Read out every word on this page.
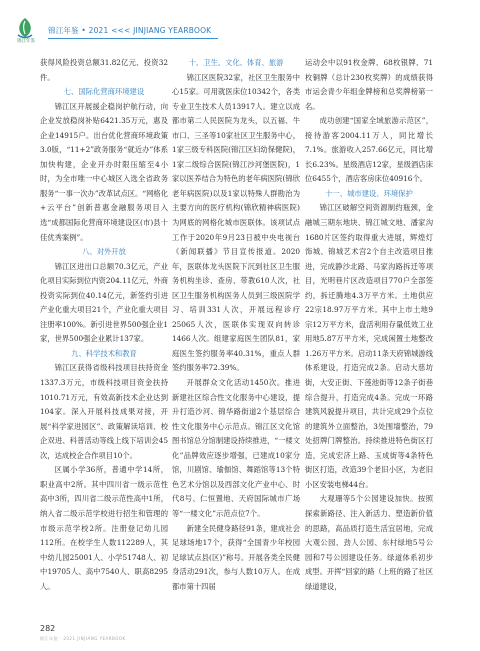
锦江年鉴
锦江年鉴 • 2021 <<< JINJIANG YEARBOOK

获得风险投资总额31.82亿元、投资32件。

七、国际化营商环境建设

锦江区开展援企稳岗护航行动，向企业发放稳岗补贴6421.35万元，惠及企业14915户。出台优化营商环境政策3.0版，“11+2”政务服务“就近办”体系加快构建，企业开办时限压缩至4小时，为全市唯一中心城区入选全省政务服务“一事一次办”改革试点区。“网格化+云平台”创新普惠金融服务项目入选“成都国际化营商环境建设区(市)县十佳优秀案例”。

八、对外开放

锦江区进出口总额70.3亿元，产业化项目实际到位内资204.11亿元，外商投资实际到位40.14亿元，新签约引进产业化重大项目21个，产业化重大项目注册率100%。新引进世界500强企业1家，世界500强企业累计137家。

九、科学技术和教育

锦江区获得省级科技项目扶持资金1337.3万元，市级科技项目资金扶持1010.71万元，有效高新技术企业达到104家。深入开展科技成果对接，开展“科学家进园区”、政策解读培训、校企双进、科普活动等线上线下培训会45次，达成校企合作项目10个。

区属小学36所，普通中学14所，职业高中2所。其中四川省一级示范性高中3所，四川省二级示范性高中1所，纳入省二级示范学校进行招生和管理的市级示范学校2所。注册登记幼儿园112所。在校学生人数112289人，其中幼儿园25001人、小学51748人、初中19705人、高中7540人、职高8295人。

十、卫生、文化、体育、旅游

锦江区医院32家，社区卫生服务中心15家。可用就医床位10342个，各类专业卫生技术人员13917人。建立以成都市第二人民医院为龙头，以五福、牛市口、三圣等10家社区卫生服务中心，1家三级专科医院(锦江区妇幼保健院)，1家二级综合医院(锦江沙河堡医院)，1家以医养结合为特色的老年病医院(锦欣老年病医院)以及1家以特殊人群勘治为主要方向的医疗机构(锦欣精神病医院)为网底的网格化城市医联体。该项试点工作于2020年9月23日被中央电视台《新闻联播》节目宣传报道。2020年，医联体龙头医院下沉到社区卫生服务机构坐诊、查房、带教610人次，社区卫生服务机构医务人员到三级医院学习、培训331人次，开展远程诊疗25065人次，医联体实现双向转诊1466人次。组建家庭医生团队81，家庭医生签约服务率40.31%，重点人群签约服务率72.39%。

开展群众文化活动1450次。推进新建社区综合性文化服务中心建设，提升打造沙河、锦华路街道2个基层综合性文化服务中心示范点。锦江区文化馆图书馆总分馆制建设持续推进，“一楼文化”品牌效应逐步增强，已建成10家分馆，川剧馆、瑜伽馆、舞蹈馆等13个特色艺术分馆以及西部文化产业中心、时代8号、仁恒置地、天府国际城市广场等“一楼文化”示范点位7个。

新建全民健身路径91条，建成社会足球场地17个，获得“全国青少年校园足球试点县(区)”称号。开展各类全民健身活动291次，参与人数10万人。在成都市第十四届

运动会中以91枚金牌、68枚银牌、71枚铜牌（总计230枚奖牌）的成绩获得市运会青少年组金牌榜和总奖牌榜第一名。

成功创建“国家全域旅游示范区”，接待游客2004.11万人，同比增长7.1%。旅游收入257.66亿元，同比增长6.23%。星级酒店12家，星级酒店床位6455个，酒店客房床位40916个。

十一、城市建设、环境保护

锦江区破解空间资源制约瓶颈，金融城三期东地块、锦江城文地、潘家沟1680片区签约取得重大进展，辉煌灯饰城、锦城艺术宫2个自主改造项目推进，完成静沙北路、马家沟路拆迁等项目，光明巷片区改造项目770户全部签约，拆迁腾地4.3万平方米。土地供应22宗18.97万平方米。其中上市土地9宗12万平方米，盘活利用存量低效工业用地5.87万平方米，完成闲置土地整改1.26万平方米。启动11条天府锦城游线体系建设，打造完成2条。启动大慈坊街，大安正街、下莲池街等12条子街巷综合提升，打造完成4条。完成一环路建筑风貌提升项目，共计完成29个点位的建筑外立面整治，3处围墙整治，79处招牌门牌整治。持续推进特色街区打造，完成宏济上路、玉成街等4条特色街区打造，改造39个老旧小区，为老旧小区安装电梯44台。

大观珊等5个公园建设加快。按照探索新路径、注入新活力、塑造新价值的思路，高品质打造生活宜居地，完成大观公园、劲人公园、东村绿地5号公园和7号公园建设任务。绿道体系初步成型。开挥“回家的路（上班的路了社区绿道建设，

282
锦江年鉴 · 2021 JINJIANG YEARBOOK
